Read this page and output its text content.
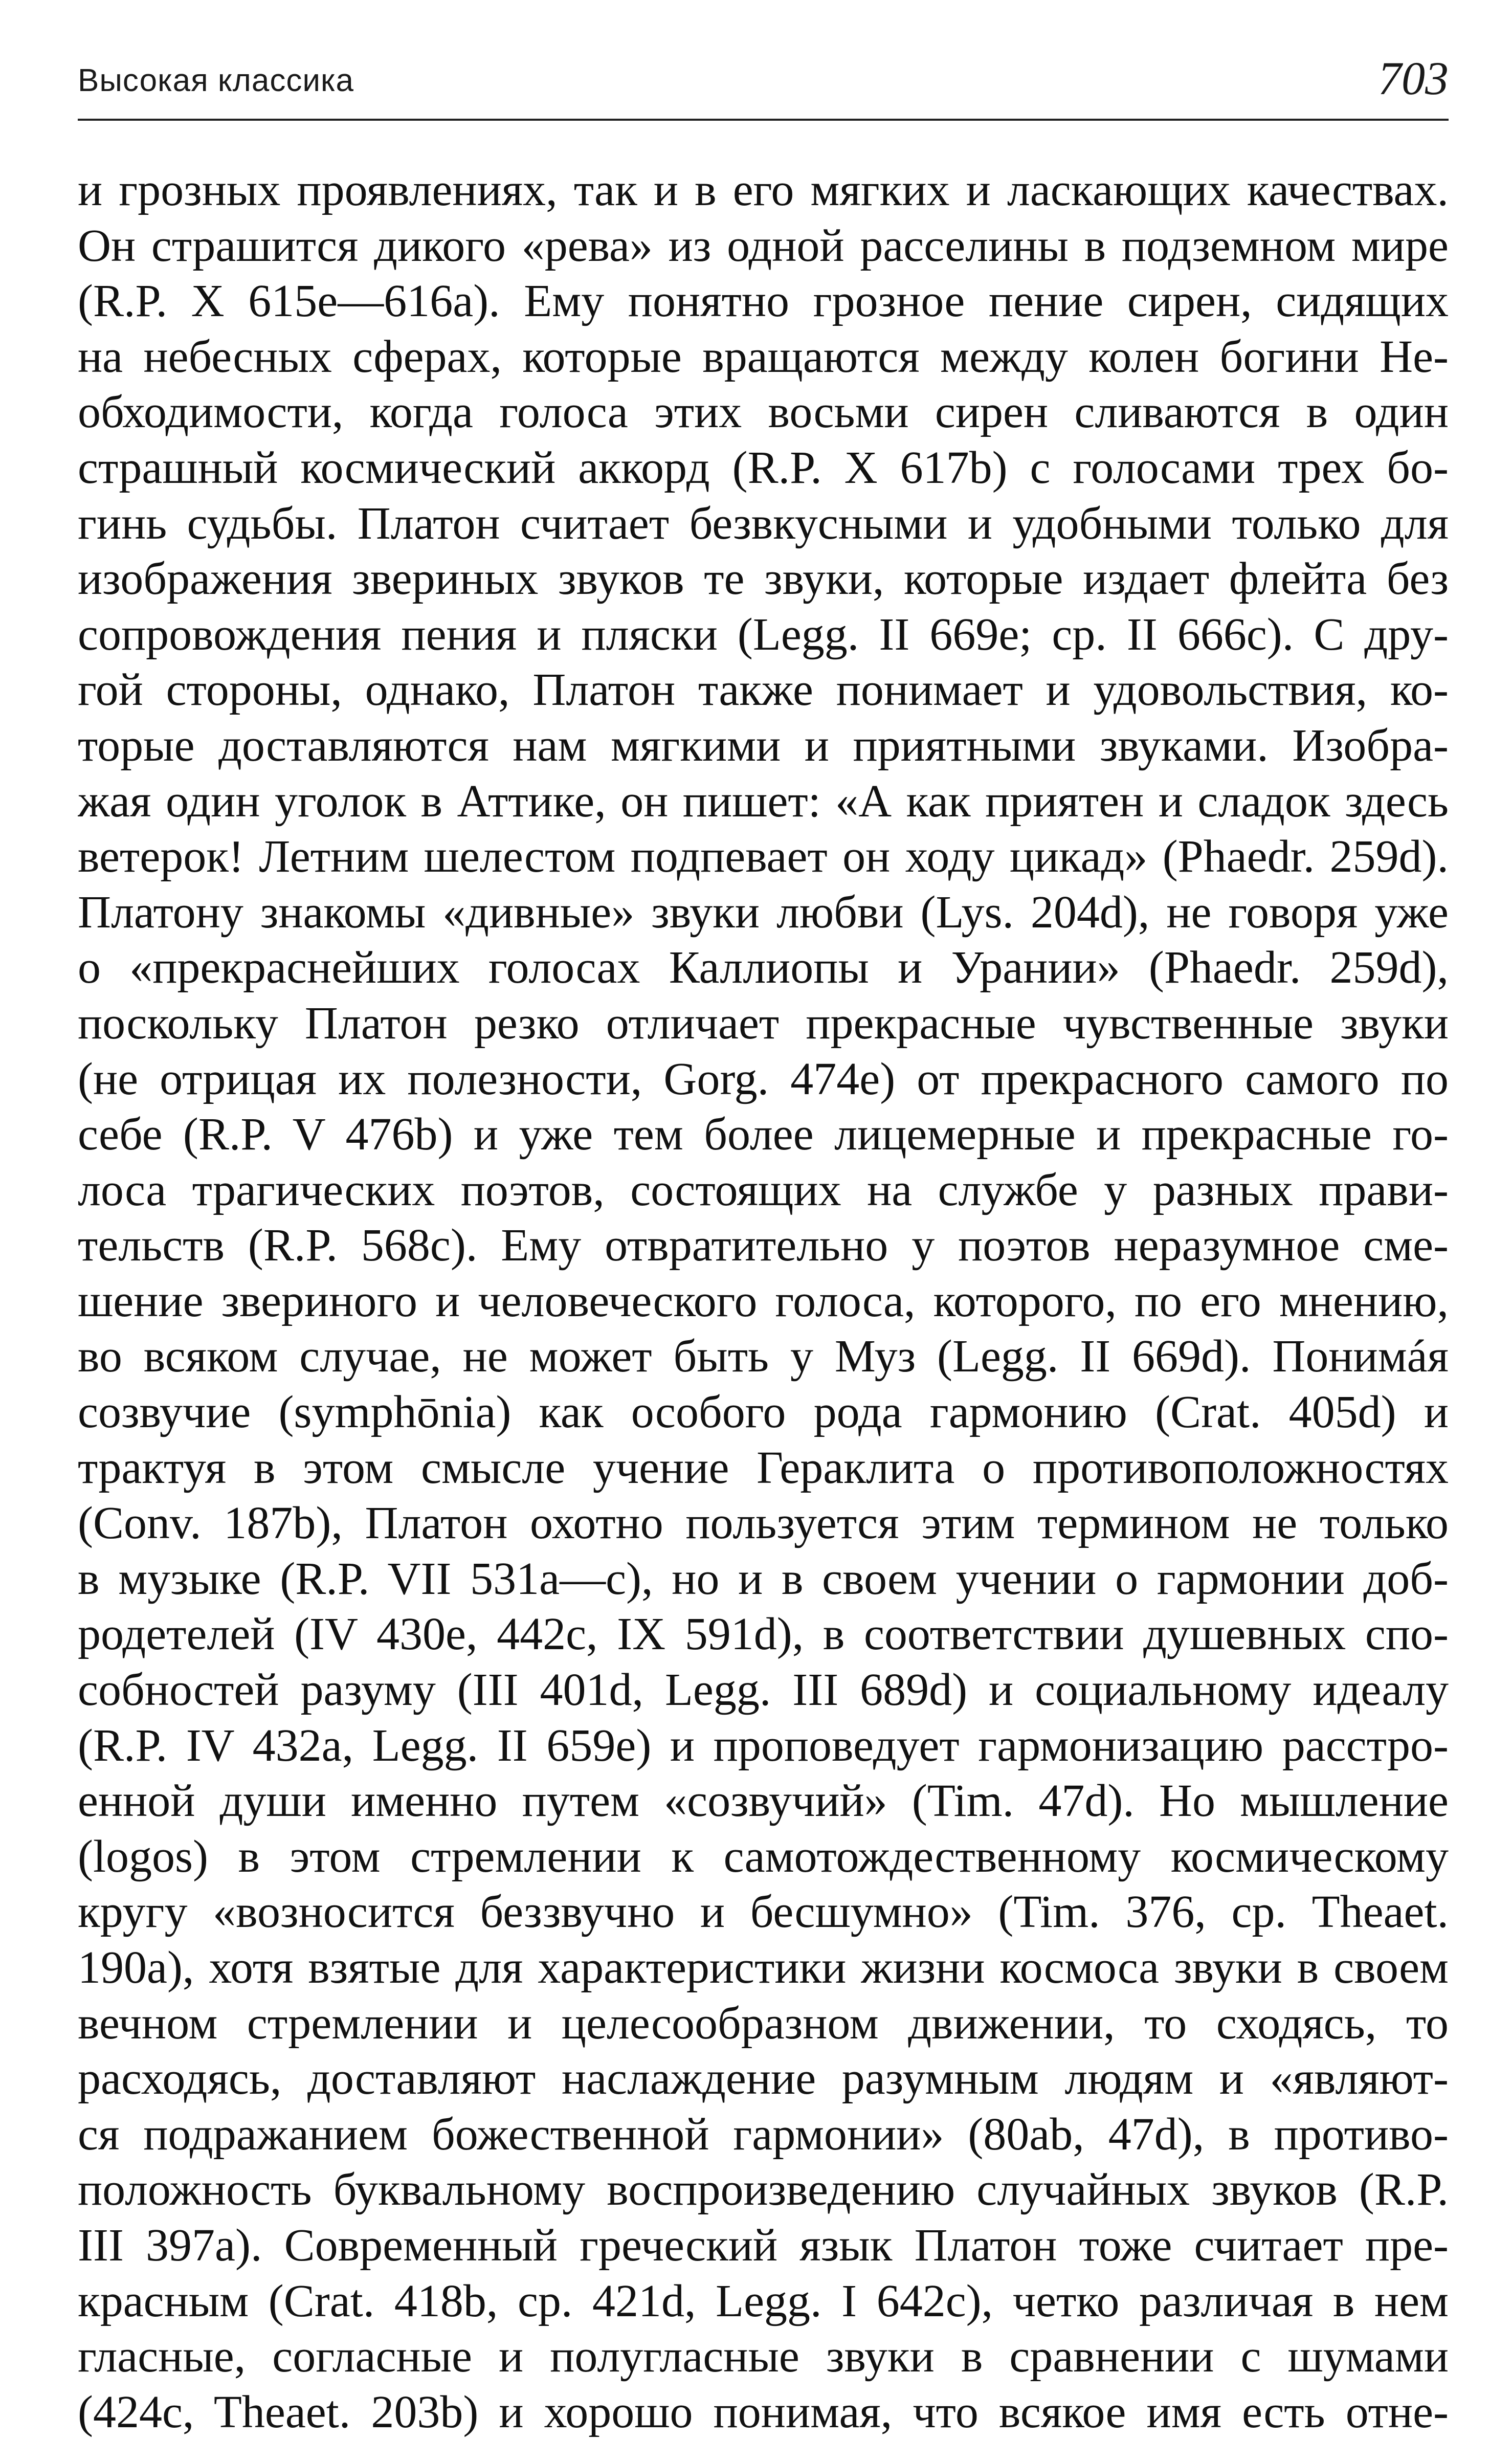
Высокая классика	703
и грозных проявлениях, так и в его мягких и ласкающих качествах.
Он страшится дикого «рева» из одной расселины в подземном мире
(R.P. X 615e—616a). Ему понятно грозное пение сирен, сидящих
на небесных сферах, которые вращаются между колен богини Не-
обходимости, когда голоса этих восьми сирен сливаются в один
страшный космический аккорд (R.P. X 617b) с голосами трех бо-
гинь судьбы. Платон считает безвкусными и удобными только для
изображения звериных звуков те звуки, которые издает флейта без
сопровождения пения и пляски (Legg. II 669e; ср. II 666c). С дру-
гой стороны, однако, Платон также понимает и удовольствия, ко-
торые доставляются нам мягкими и приятными звуками. Изобра-
жая один уголок в Аттике, он пишет: «А как приятен и сладок здесь
ветерок! Летним шелестом подпевает он ходу цикад» (Phaedr. 259d).
Платону знакомы «дивные» звуки любви (Lys. 204d), не говоря уже
о «прекраснейших голосах Каллиопы и Урании» (Phaedr. 259d),
поскольку Платон резко отличает прекрасные чувственные звуки
(не отрицая их полезности, Gorg. 474e) от прекрасного самого по
себе (R.P. V 476b) и уже тем более лицемерные и прекрасные го-
лоса трагических поэтов, состоящих на службе у разных прави-
тельств (R.P. 568c). Ему отвратительно у поэтов неразумное сме-
шение звериного и человеческого голоса, которого, по его мнению,
во всяком случае, не может быть у Муз (Legg. II 669d). Понимáя
созвучие (symphōnia) как особого рода гармонию (Crat. 405d) и
трактуя в этом смысле учение Гераклита о противоположностях
(Conv. 187b), Платон охотно пользуется этим термином не только
в музыке (R.P. VII 531a—c), но и в своем учении о гармонии доб-
родетелей (IV 430e, 442c, IX 591d), в соответствии душевных спо-
собностей разуму (III 401d, Legg. III 689d) и социальному идеалу
(R.P. IV 432a, Legg. II 659e) и проповедует гармонизацию расстро-
енной души именно путем «созвучий» (Tim. 47d). Но мышление
(logos) в этом стремлении к самотождественному космическому
кругу «возносится беззвучно и бесшумно» (Tim. 376, ср. Theaet.
190a), хотя взятые для характеристики жизни космоса звуки в своем
вечном стремлении и целесообразном движении, то сходясь, то
расходясь, доставляют наслаждение разумным людям и «являют-
ся подражанием божественной гармонии» (80ab, 47d), в противо-
положность буквальному воспроизведению случайных звуков (R.P.
III 397a). Современный греческий язык Платон тоже считает пре-
красным (Crat. 418b, ср. 421d, Legg. I 642c), четко различая в нем
гласные, согласные и полугласные звуки в сравнении с шумами
(424c, Theaet. 203b) и хорошо понимая, что всякое имя есть отне-
